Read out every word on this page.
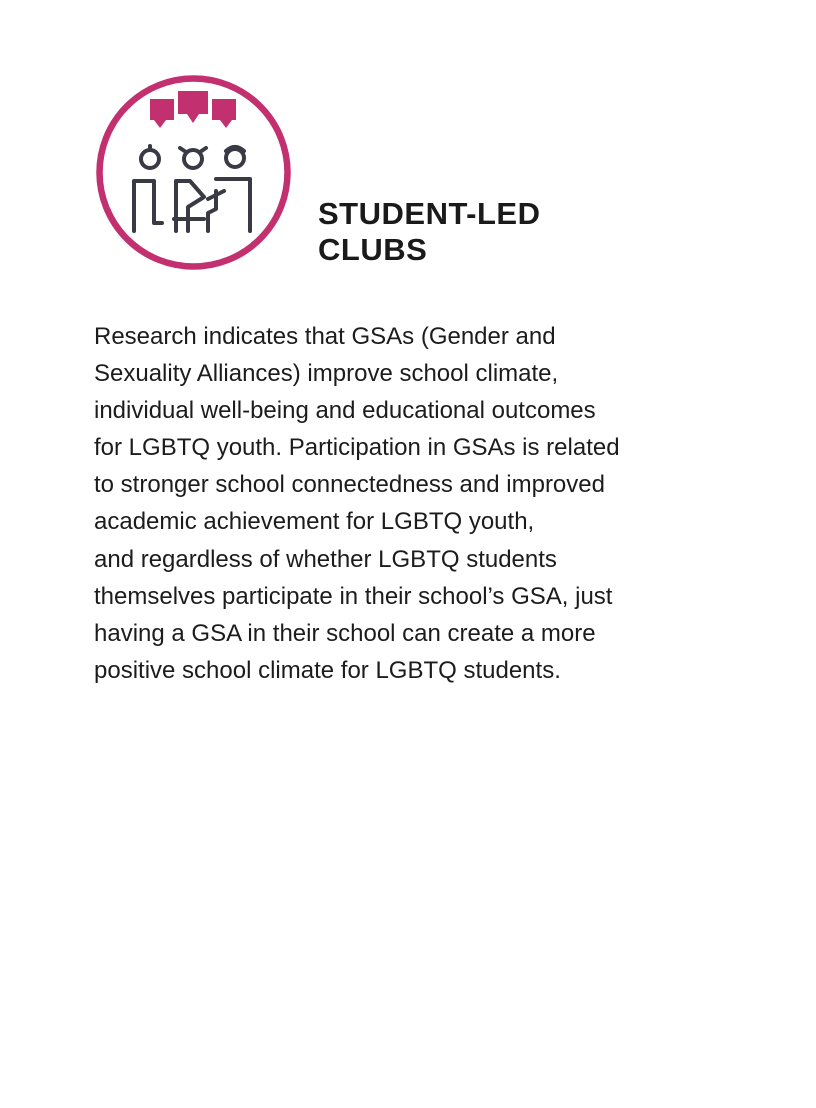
STUDENT-LED
CLUBS

Research indicates that GSAs (Gender and
Sexuality Alliances) improve school climate,
individual well-being and educational outcomes
for LGBTQ youth. Participation in GSAs is related
to stronger school connectedness and improved
academic achievement for LGBTQ youth,
and regardless of whether LGBTQ students
themselves participate in their school’s GSA, just
having a GSA in their school can create a more
positive school climate for LGBTQ students.
